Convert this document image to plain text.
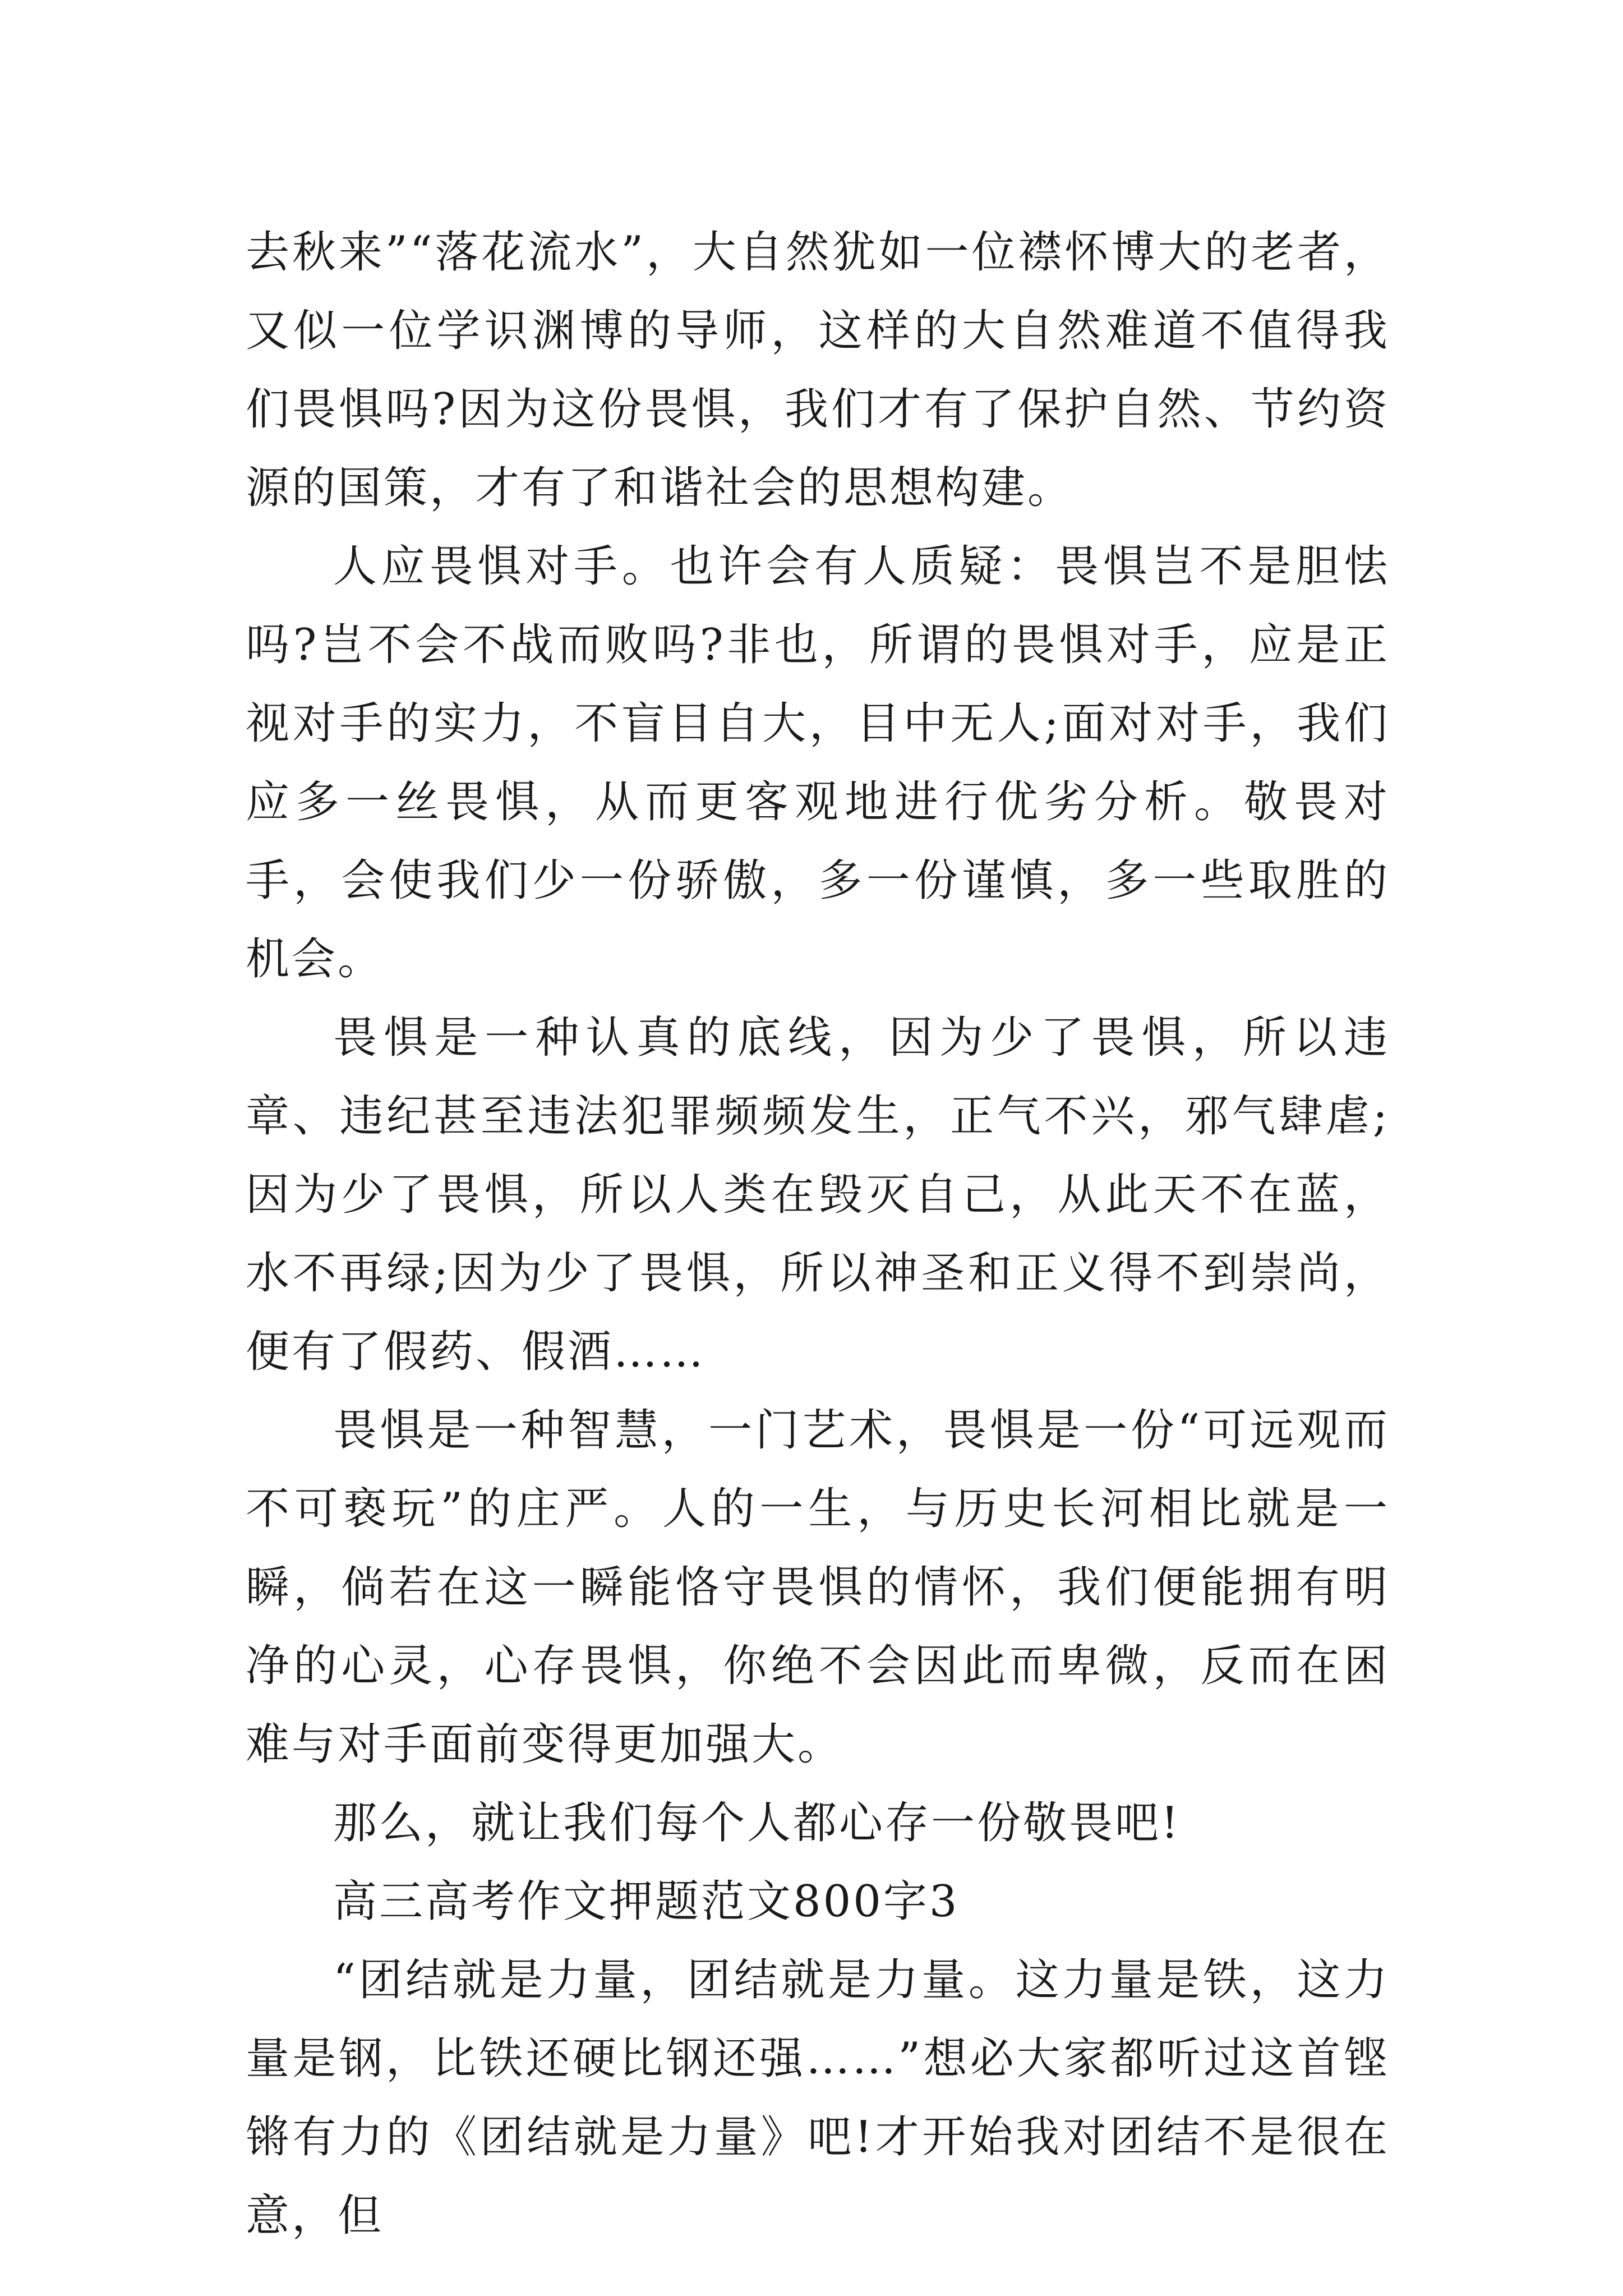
去秋来”“落花流水”，大自然犹如一位襟怀博大的老者，又似一位学识渊博的导师，这样的大自然难道不值得我们畏惧吗?因为这份畏惧，我们才有了保护自然、节约资源的国策，才有了和谐社会的思想构建。

人应畏惧对手。也许会有人质疑：畏惧岂不是胆怯吗?岂不会不战而败吗?非也，所谓的畏惧对手，应是正视对手的实力，不盲目自大，目中无人;面对对手，我们应多一丝畏惧，从而更客观地进行优劣分析。敬畏对手，会使我们少一份骄傲，多一份谨慎，多一些取胜的机会。

畏惧是一种认真的底线，因为少了畏惧，所以违章、违纪甚至违法犯罪频频发生，正气不兴，邪气肆虐;因为少了畏惧，所以人类在毁灭自己，从此天不在蓝，水不再绿;因为少了畏惧，所以神圣和正义得不到崇尚，便有了假药、假酒……

畏惧是一种智慧，一门艺术，畏惧是一份“可远观而不可亵玩”的庄严。人的一生，与历史长河相比就是一瞬，倘若在这一瞬能恪守畏惧的情怀，我们便能拥有明净的心灵，心存畏惧，你绝不会因此而卑微，反而在困难与对手面前变得更加强大。

那么，就让我们每个人都心存一份敬畏吧!

高三高考作文押题范文800字3

“团结就是力量，团结就是力量。这力量是铁，这力量是钢，比铁还硬比钢还强……”想必大家都听过这首铿锵有力的《团结就是力量》吧!才开始我对团结不是很在意，但
